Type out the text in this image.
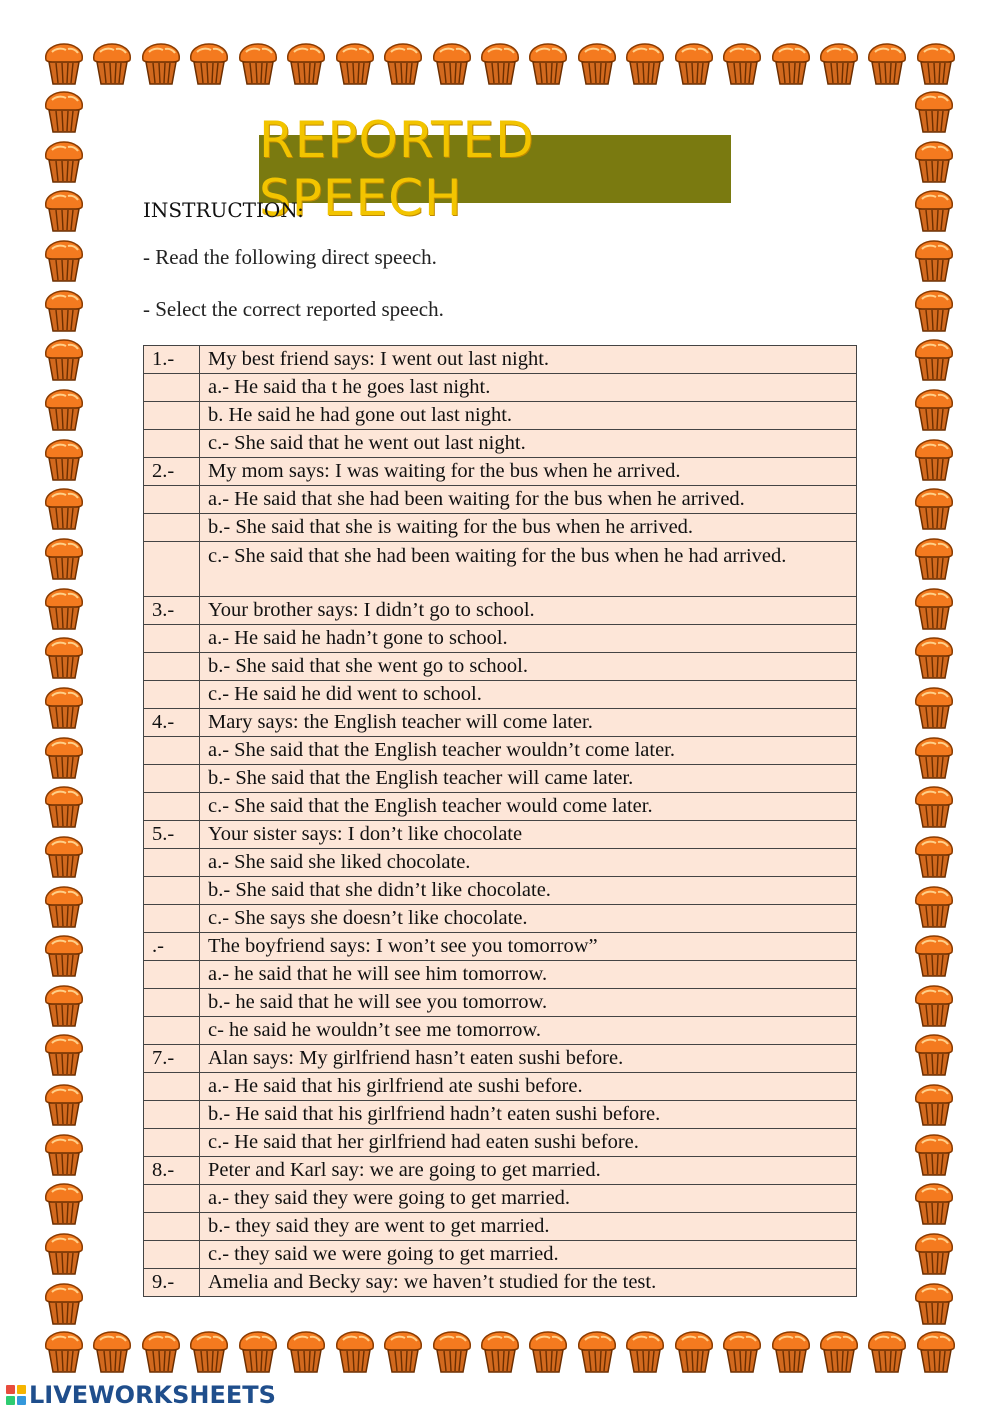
REPORTED SPEECH
INSTRUCTION:
- Read the following direct speech.
- Select the correct reported speech.
1.-	My best friend says: I went out last night.
	a.- He said tha t he goes last night.
	b. He said he had gone out last night.
	c.- She said that he went out last night.
2.-	My mom says: I was waiting for the bus when he arrived.
	a.- He said that she had been waiting for the bus when he arrived.
	b.- She said that she is waiting for the bus when he arrived.
	c.- She said that she had been waiting for the bus when he had arrived.
3.-	Your brother says: I didn’t go to school.
	a.- He said he hadn’t gone to school.
	b.- She said that she went go to school.
	c.- He said he did went to school.
4.-	Mary says: the English teacher will come later.
	a.- She said that the English teacher wouldn’t come later.
	b.- She said that the English teacher will came later.
	c.- She said that the English teacher would come later.
5.-	Your sister says: I don’t like chocolate
	a.- She said she liked chocolate.
	b.- She said that she didn’t like chocolate.
	c.- She says she doesn’t like chocolate.
.-	The boyfriend says: I won’t see you tomorrow”
	a.- he said that he will see him tomorrow.
	b.- he said that he will see you tomorrow.
	c- he said he wouldn’t see me tomorrow.
7.-	Alan says: My girlfriend hasn’t eaten sushi before.
	a.- He said that his girlfriend ate sushi before.
	b.- He said that his girlfriend hadn’t eaten sushi before.
	c.- He said that her girlfriend had eaten sushi before.
8.-	Peter and Karl say: we are going to get married.
	a.- they said they were going to get married.
	b.- they said they are went to get married.
	c.- they said we were going to get married.
9.-	Amelia and Becky say: we haven’t studied for the test.
LIVEWORKSHEETS
